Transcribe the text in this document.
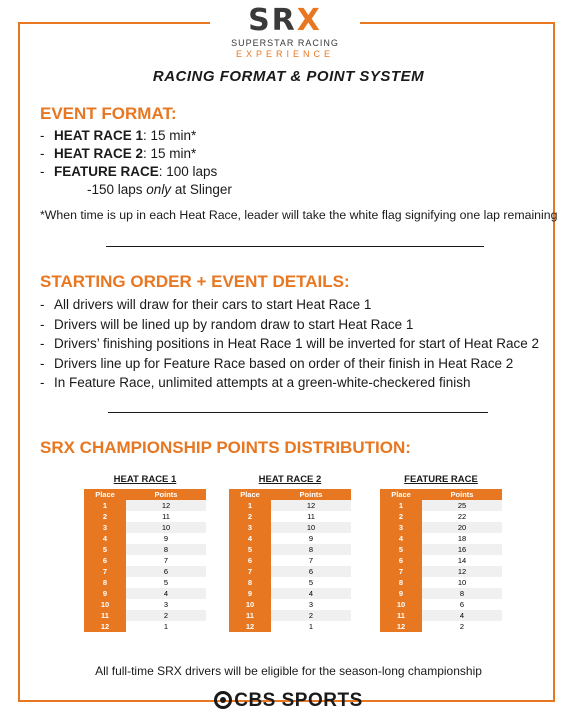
SRX
SUPERSTAR RACING
EXPERIENCE
RACING FORMAT & POINT SYSTEM
EVENT FORMAT:
- HEAT RACE 1: 15 min*
- HEAT RACE 2: 15 min*
- FEATURE RACE: 100 laps
-150 laps only at Slinger
*When time is up in each Heat Race, leader will take the white flag signifying one lap remaining
STARTING ORDER + EVENT DETAILS:
- All drivers will draw for their cars to start Heat Race 1
- Drivers will be lined up by random draw to start Heat Race 1
- Drivers’ finishing positions in Heat Race 1 will be inverted for start of Heat Race 2
- Drivers line up for Feature Race based on order of their finish in Heat Race 2
- In Feature Race, unlimited attempts at a green-white-checkered finish
SRX CHAMPIONSHIP POINTS DISTRIBUTION:
HEAT RACE 1
Place	Points
1	12
2	11
3	10
4	9
5	8
6	7
7	6
8	5
9	4
10	3
11	2
12	1
HEAT RACE 2
Place	Points
1	12
2	11
3	10
4	9
5	8
6	7
7	6
8	5
9	4
10	3
11	2
12	1
FEATURE RACE
Place	Points
1	25
2	22
3	20
4	18
5	16
6	14
7	12
8	10
9	8
10	6
11	4
12	2
All full-time SRX drivers will be eligible for the season-long championship
CBS SPORTS
